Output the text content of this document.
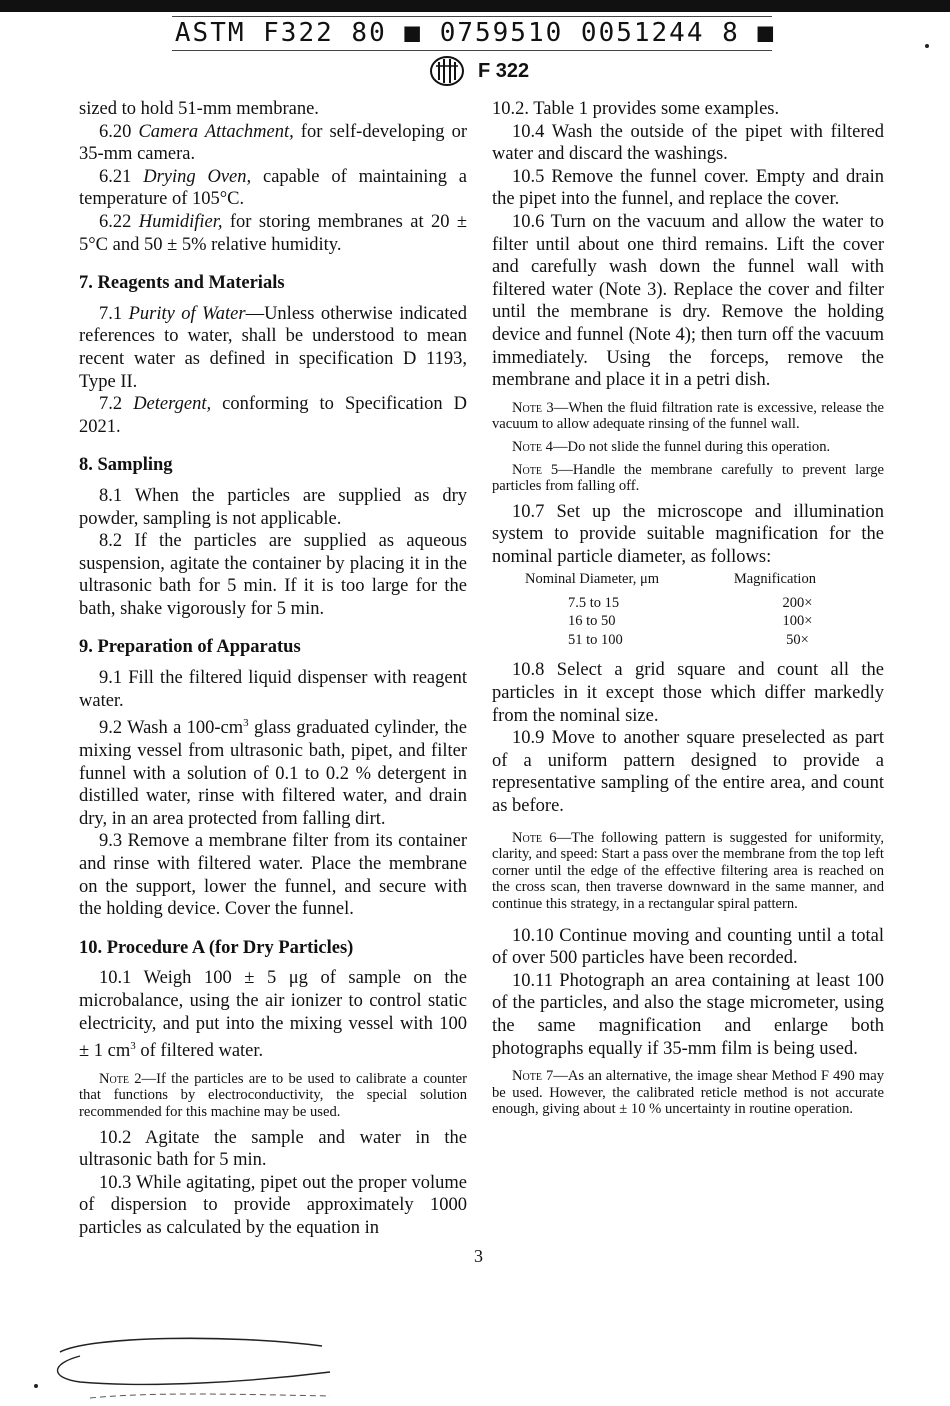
ASTM F322 80 ■ 0759510 0051244 8 ■
F 322

sized to hold 51-mm membrane.

6.20 Camera Attachment, for self-developing or 35-mm camera.

6.21 Drying Oven, capable of maintaining a temperature of 105°C.

6.22 Humidifier, for storing membranes at 20 ± 5°C and 50 ± 5% relative humidity.

7. Reagents and Materials

7.1 Purity of Water—Unless otherwise indicated references to water, shall be understood to mean recent water as defined in specification D 1193, Type II.

7.2 Detergent, conforming to Specification D 2021.

8. Sampling

8.1 When the particles are supplied as dry powder, sampling is not applicable.

8.2 If the particles are supplied as aqueous suspension, agitate the container by placing it in the ultrasonic bath for 5 min. If it is too large for the bath, shake vigorously for 5 min.

9. Preparation of Apparatus

9.1 Fill the filtered liquid dispenser with reagent water.

9.2 Wash a $100-cm^3$ glass graduated cylinder, the mixing vessel from ultrasonic bath, pipet, and filter funnel with a solution of 0.1 to 0.2 % detergent in distilled water, rinse with filtered water, and drain dry, in an area protected from falling dirt.

9.3 Remove a membrane filter from its container and rinse with filtered water. Place the membrane on the support, lower the funnel, and secure with the holding device. Cover the funnel.

10. Procedure A (for Dry Particles)

10.1 Weigh 100 ± 5 μg of sample on the microbalance, using the air ionizer to control static electricity, and put into the mixing vessel with 100 ± 1 $cm^3$ of filtered water.

Note 2—If the particles are to be used to calibrate a counter that functions by electroconductivity, the special solution recommended for this machine may be used.

10.2 Agitate the sample and water in the ultrasonic bath for 5 min.

10.3 While agitating, pipet out the proper volume of dispersion to provide approximately 1000 particles as calculated by the equation in

10.2. Table 1 provides some examples.

10.4 Wash the outside of the pipet with filtered water and discard the washings.

10.5 Remove the funnel cover. Empty and drain the pipet into the funnel, and replace the cover.

10.6 Turn on the vacuum and allow the water to filter until about one third remains. Lift the cover and carefully wash down the funnel wall with filtered water (Note 3). Replace the cover and filter until the membrane is dry. Remove the holding device and funnel (Note 4); then turn off the vacuum immediately. Using the forceps, remove the membrane and place it in a petri dish.

Note 3—When the fluid filtration rate is excessive, release the vacuum to allow adequate rinsing of the funnel wall.

Note 4—Do not slide the funnel during this operation.

Note 5—Handle the membrane carefully to prevent large particles from falling off.

10.7 Set up the microscope and illumination system to provide suitable magnification for the nominal particle diameter, as follows:

Nominal Diameter, μm	Magnification
7.5 to 15	200×
16 to 50	100×
51 to 100	50×

10.8 Select a grid square and count all the particles in it except those which differ markedly from the nominal size.

10.9 Move to another square preselected as part of a uniform pattern designed to provide a representative sampling of the entire area, and count as before.

Note 6—The following pattern is suggested for uniformity, clarity, and speed: Start a pass over the membrane from the top left corner until the edge of the effective filtering area is reached on the cross scan, then traverse downward in the same manner, and continue this strategy, in a rectangular spiral pattern.

10.10 Continue moving and counting until a total of over 500 particles have been recorded.

10.11 Photograph an area containing at least 100 of the particles, and also the stage micrometer, using the same magnification and enlarge both photographs equally if 35-mm film is being used.

Note 7—As an alternative, the image shear Method F 490 may be used. However, the calibrated reticle method is not accurate enough, giving about ± 10 % uncertainty in routine operation.

3
